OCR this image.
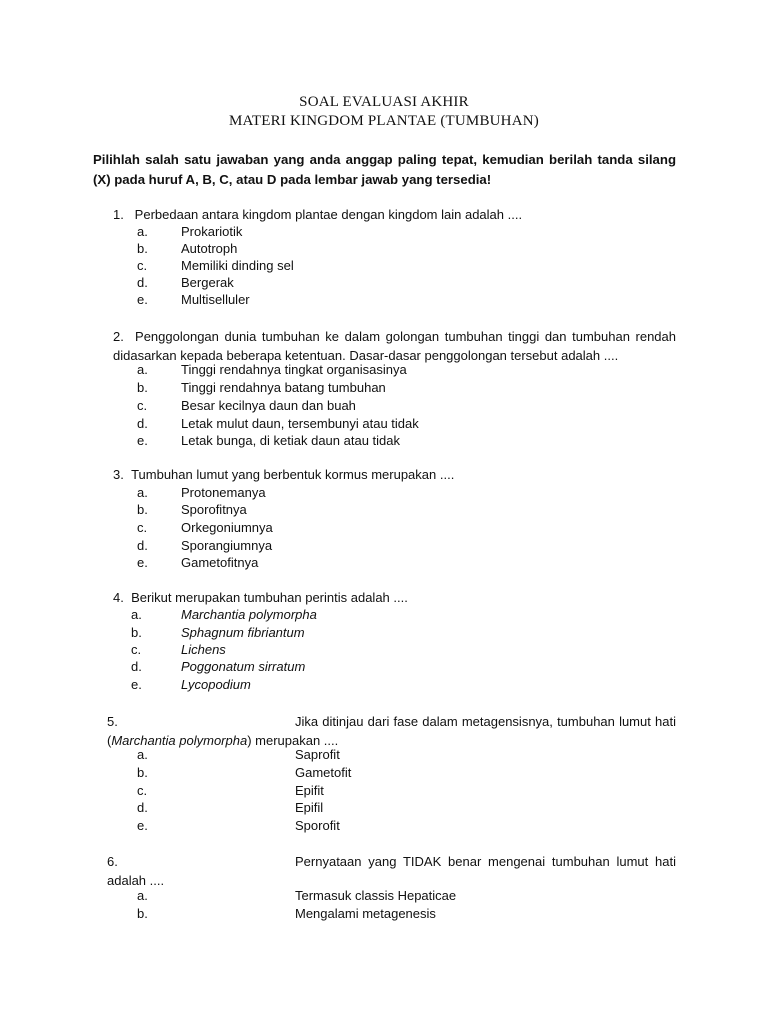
SOAL EVALUASI AKHIR
MATERI KINGDOM PLANTAE (TUMBUHAN)
Pilihlah salah satu jawaban yang anda anggap paling tepat, kemudian berilah tanda silang (X) pada huruf A, B, C, atau D pada lembar jawab yang tersedia!
1.   Perbedaan antara kingdom plantae dengan kingdom lain adalah ....
a.	Prokariotik
b.	Autotroph
c.	Memiliki dinding sel
d.	Bergerak
e.	Multiselluler
2.  Penggolongan dunia tumbuhan ke dalam golongan tumbuhan tinggi dan tumbuhan rendah
didasarkan kepada beberapa ketentuan. Dasar-dasar penggolongan tersebut adalah ....
a.	Tinggi rendahnya tingkat organisasinya
b.	Tinggi rendahnya batang tumbuhan
c.	Besar kecilnya daun dan buah
d.	Letak mulut daun, tersembunyi atau tidak
e.	Letak bunga, di ketiak daun atau tidak
3.  Tumbuhan lumut yang berbentuk kormus merupakan ....
a.	Protonemanya
b.	Sporofitnya
c.	Orkegoniumnya
d.	Sporangiumnya
e.	Gametofitnya
4.  Berikut merupakan tumbuhan perintis adalah ....
a.	Marchantia polymorpha
b.	Sphagnum fibriantum
c.	Lichens
d.	Poggonatum sirratum
e.	Lycopodium
5.	Jika ditinjau dari fase dalam metagensisnya, tumbuhan lumut hati
(Marchantia polymorpha) merupakan ....
a.	Saprofit
b.	Gametofit
c.	Epifit
d.	Epifil
e.	Sporofit
6.	Pernyataan yang TIDAK benar mengenai tumbuhan lumut hati
adalah ....
a.	Termasuk classis Hepaticae
b.	Mengalami metagenesis
